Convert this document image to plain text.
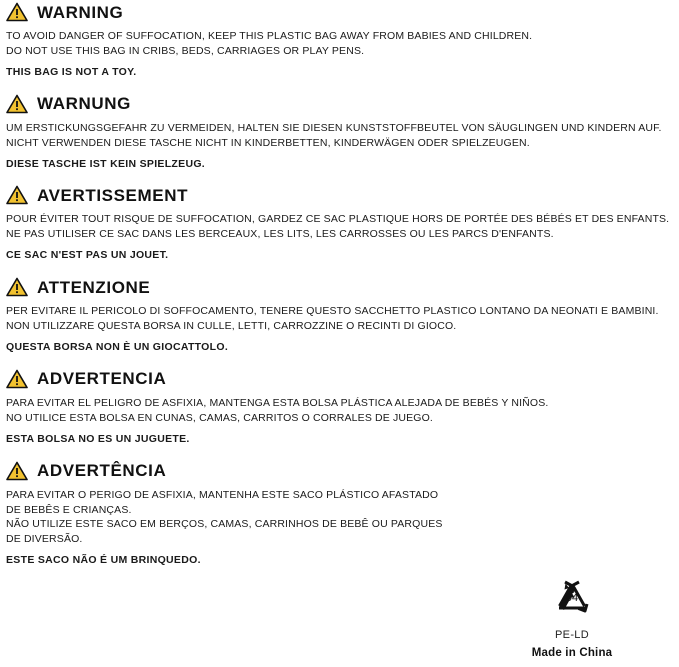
WARNING
TO AVOID DANGER OF SUFFOCATION, KEEP THIS PLASTIC BAG AWAY FROM BABIES AND CHILDREN.
DO NOT USE THIS BAG IN CRIBS, BEDS, CARRIAGES OR PLAY PENS.
THIS BAG IS NOT A TOY.
WARNUNG
UM ERSTICKUNGSGEFAHR ZU VERMEIDEN, HALTEN SIE DIESEN KUNSTSTOFFBEUTEL VON SÄUGLINGEN UND KINDERN AUF.
NICHT VERWENDEN DIESE TASCHE NICHT IN KINDERBETTEN, KINDERWÄGEN ODER SPIELZEUGEN.
DIESE TASCHE IST KEIN SPIELZEUG.
AVERTISSEMENT
POUR ÉVITER TOUT RISQUE DE SUFFOCATION, GARDEZ CE SAC PLASTIQUE HORS DE PORTÉE DES BÉBÉS ET DES ENFANTS.
NE PAS UTILISER CE SAC DANS LES BERCEAUX, LES LITS, LES CARROSSES OU LES PARCS D'ENFANTS.
CE SAC N'EST PAS UN JOUET.
ATTENZIONE
PER EVITARE IL PERICOLO DI SOFFOCAMENTO, TENERE QUESTO SACCHETTO PLASTICO LONTANO DA NEONATI E BAMBINI.
NON UTILIZZARE QUESTA BORSA IN CULLE, LETTI, CARROZZINE O RECINTI DI GIOCO.
QUESTA BORSA NON È UN GIOCATTOLO.
ADVERTENCIA
PARA EVITAR EL PELIGRO DE ASFIXIA, MANTENGA ESTA BOLSA PLÁSTICA ALEJADA DE BEBÉS Y NIÑOS.
NO UTILICE ESTA BOLSA EN CUNAS, CAMAS, CARRITOS O CORRALES DE JUEGO.
ESTA BOLSA NO ES UN JUGUETE.
ADVERTÊNCIA
PARA EVITAR O PERIGO DE ASFIXIA, MANTENHA ESTE SACO PLÁSTICO AFASTADO
DE BEBÊS E CRIANÇAS.
NÃO UTILIZE ESTE SACO EM BERÇOS, CAMAS, CARRINHOS DE BEBÊ OU PARQUES
DE DIVERSÃO.
ESTE SACO NÃO É UM BRINQUEDO.
04
PE-LD
Made in China
